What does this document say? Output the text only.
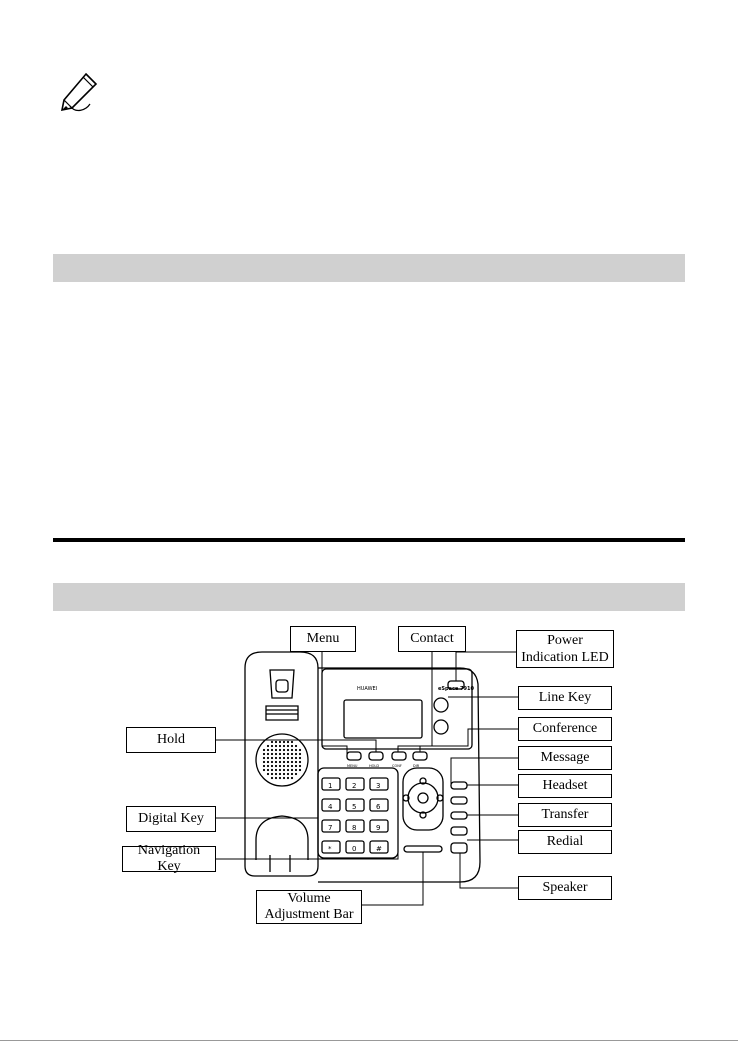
HUAWEI	eSpace 7910
MENU	HOLD	CONF	DIR
1	2	3
4	5	6
7	8	9
*	0	#
Menu	Contact	Power Indication LED
Line Key
Hold
Conference
Message
Headset
Digital Key	Transfer
Redial
Navigation Key
Speaker
Volume Adjustment Bar
